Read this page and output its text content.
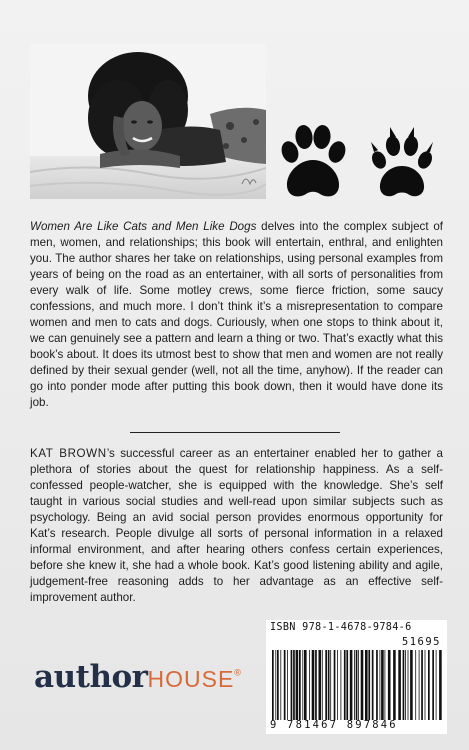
Women Are Like Cats and Men Like Dogs delves into the complex subject of men, women, and relationships; this book will entertain, enthral, and enlighten you. The author shares her take on relationships, using personal examples from years of being on the road as an entertainer, with all sorts of personalities from every walk of life. Some motley crews, some fierce friction, some saucy confessions, and much more. I don’t think it’s a misrepresentation to compare women and men to cats and dogs. Curiously, when one stops to think about it, we can genuinely see a pattern and learn a thing or two. That’s exactly what this book’s about. It does its utmost best to show that men and women are not really defined by their sexual gender (well, not all the time, anyhow). If the reader can go into ponder mode after putting this book down, then it would have done its job.
KAT BROWN’s successful career as an entertainer enabled her to gather a plethora of stories about the quest for relationship happiness. As a self-confessed people-watcher, she is equipped with the knowledge. She’s self taught in various social studies and well-read upon similar subjects such as psychology. Being an avid social person provides enormous opportunity for Kat’s research. People divulge all sorts of personal information in a relaxed informal environment, and after hearing others confess certain experiences, before she knew it, she had a whole book. Kat’s good listening ability and agile, judgement-free reasoning adds to her advantage as an effective self-improvement author.
authorHOUSE®
ISBN 978-1-4678-9784-6
51695
9 781467 897846
